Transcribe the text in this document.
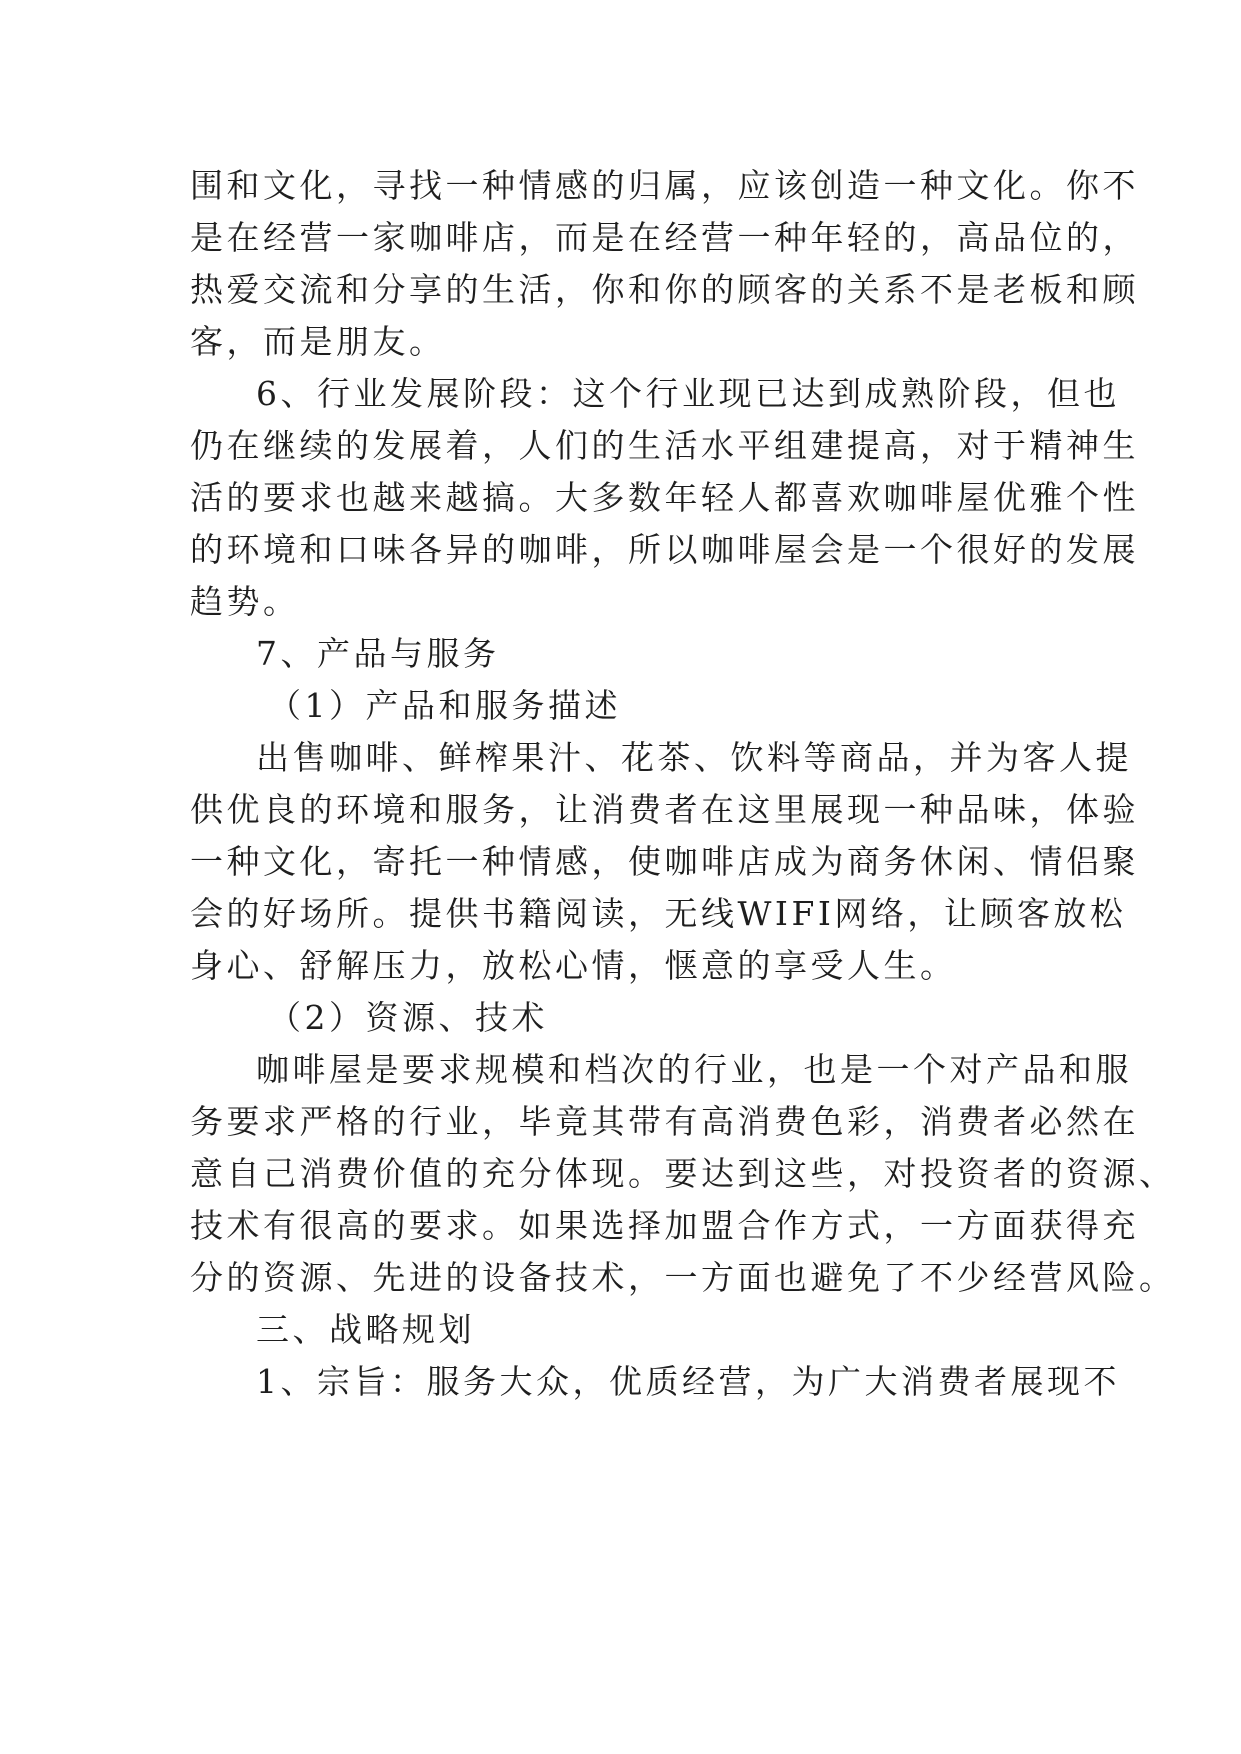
围和文化，寻找一种情感的归属，应该创造一种文化。你不
是在经营一家咖啡店，而是在经营一种年轻的，高品位的，
热爱交流和分享的生活，你和你的顾客的关系不是老板和顾
客，而是朋友。
6、行业发展阶段：这个行业现已达到成熟阶段，但也
仍在继续的发展着，人们的生活水平组建提高，对于精神生
活的要求也越来越搞。大多数年轻人都喜欢咖啡屋优雅个性
的环境和口味各异的咖啡，所以咖啡屋会是一个很好的发展
趋势。
7、产品与服务
（1）产品和服务描述
出售咖啡、鲜榨果汁、花茶、饮料等商品，并为客人提
供优良的环境和服务，让消费者在这里展现一种品味，体验
一种文化，寄托一种情感，使咖啡店成为商务休闲、情侣聚
会的好场所。提供书籍阅读，无线WIFI网络，让顾客放松
身心、舒解压力，放松心情，惬意的享受人生。
（2）资源、技术
咖啡屋是要求规模和档次的行业，也是一个对产品和服
务要求严格的行业，毕竟其带有高消费色彩，消费者必然在
意自己消费价值的充分体现。要达到这些，对投资者的资源、
技术有很高的要求。如果选择加盟合作方式，一方面获得充
分的资源、先进的设备技术，一方面也避免了不少经营风险。
三、战略规划
1、宗旨：服务大众，优质经营，为广大消费者展现不
